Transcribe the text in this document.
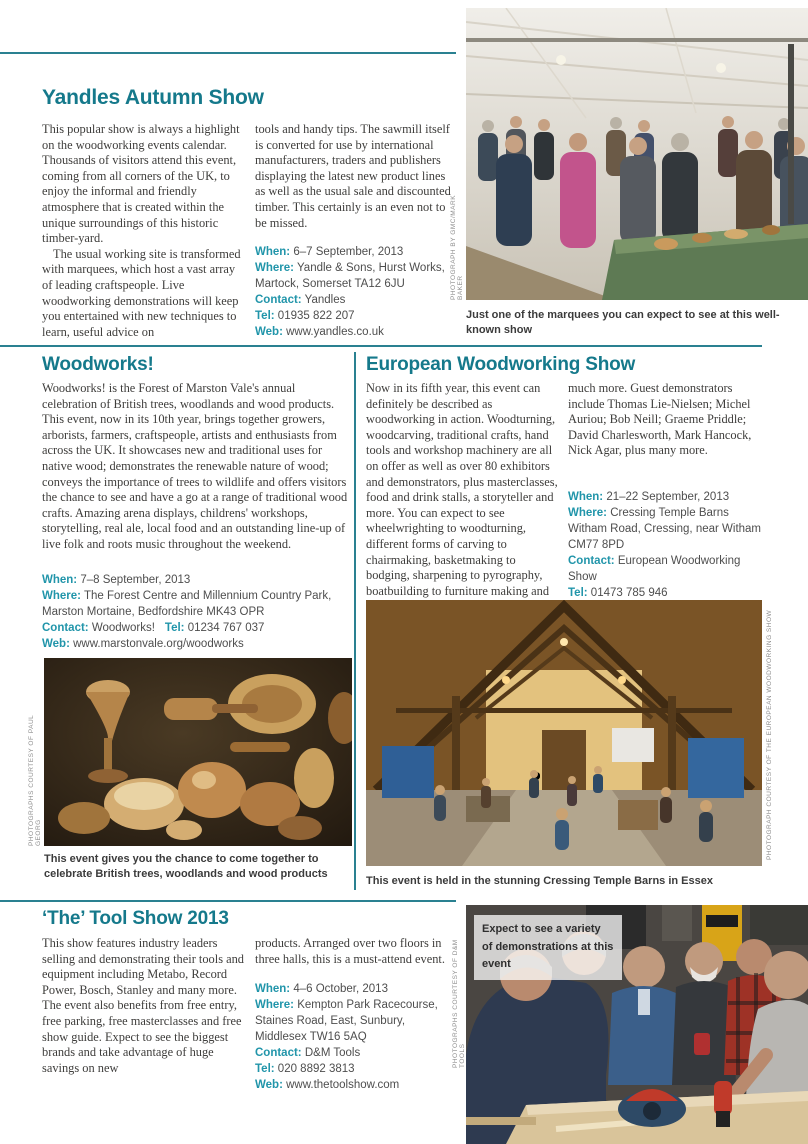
Yandles Autumn Show

This popular show is always a highlight on the woodworking events calendar. Thousands of visitors attend this event, coming from all corners of the UK, to enjoy the informal and friendly atmosphere that is created within the unique surroundings of this historic timber-yard.

The usual working site is transformed with marquees, which host a vast array of leading craftspeople. Live woodworking demonstrations will keep you entertained with new techniques to learn, useful advice on

tools and handy tips. The sawmill itself is converted for use by international manufacturers, traders and publishers displaying the latest new product lines as well as the usual sale and discounted timber. This certainly is an even not to be missed.

When: 6–7 September, 2013

Where: Yandle & Sons, Hurst Works, Martock, Somerset TA12 6JU

Contact: Yandles

Tel: 01935 822 207

Web: www.yandles.co.uk

PHOTOGRAPH BY GMC/MARK BAKER
Just one of the marquees you can expect to see at this well-known show
Woodworks!

Woodworks! is the Forest of Marston Vale's annual celebration of British trees, woodlands and wood products. This event, now in its 10th year, brings together growers, arborists, farmers, craftspeople, artists and enthusiasts from across the UK. It showcases new and traditional uses for native wood; demonstrates the renewable nature of wood; conveys the importance of trees to wildlife and offers visitors the chance to see and have a go at a range of traditional wood crafts. Amazing arena displays, childrens' workshops, storytelling, real ale, local food and an outstanding line-up of live folk and roots music throughout the weekend.

When: 7–8 September, 2013

Where: The Forest Centre and Millennium Country Park, Marston Mortaine, Bedfordshire MK43 OPR

Contact: Woodworks! Tel: 01234 767 037

Web: www.marstonvale.org/woodworks

PHOTOGRAPHS COURTESY OF PAUL GEORG
This event gives you the chance to come together to celebrate British trees, woodlands and wood products
European Woodworking Show

Now in its fifth year, this event can definitely be described as woodworking in action. Woodturning, woodcarving, traditional crafts, hand tools and workshop machinery are all on offer as well as over 80 exhibitors and demonstrators, plus masterclasses, food and drink stalls, a storyteller and more. You can expect to see wheelwrighting to woodturning, different forms of carving to chairmaking, basketmaking to bodging, sharpening to pyrography, boatbuilding to furniture making and

much more. Guest demonstrators include Thomas Lie-Nielsen; Michel Auriou; Bob Neill; Graeme Priddle; David Charlesworth, Mark Hancock, Nick Agar, plus many more.

When: 21–22 September, 2013

Where: Cressing Temple Barns
Witham Road, Cressing, near Witham
CM77 8PD

Contact: European Woodworking Show

Tel: 01473 785 946

PHOTOGRAPH COURTESY OF THE EUROPEAN WOODWORKING SHOW
This event is held in the stunning Cressing Temple Barns in Essex
‘The’ Tool Show 2013

This show features industry leaders selling and demonstrating their tools and equipment including Metabo, Record Power, Bosch, Stanley and many more. The event also benefits from free entry, free parking, free masterclasses and free show guide. Expect to see the biggest brands and take advantage of huge savings on new

products. Arranged over two floors in three halls, this is a must-attend event.

When: 4–6 October, 2013

Where: Kempton Park Racecourse, Staines Road, East, Sunbury, Middlesex TW16 5AQ

Contact: D&M Tools

Tel: 020 8892 3813

Web: www.thetoolshow.com

Expect to see a variety of demonstrations at this event
PHOTOGRAPHS COURTESY OF D&M TOOLS
